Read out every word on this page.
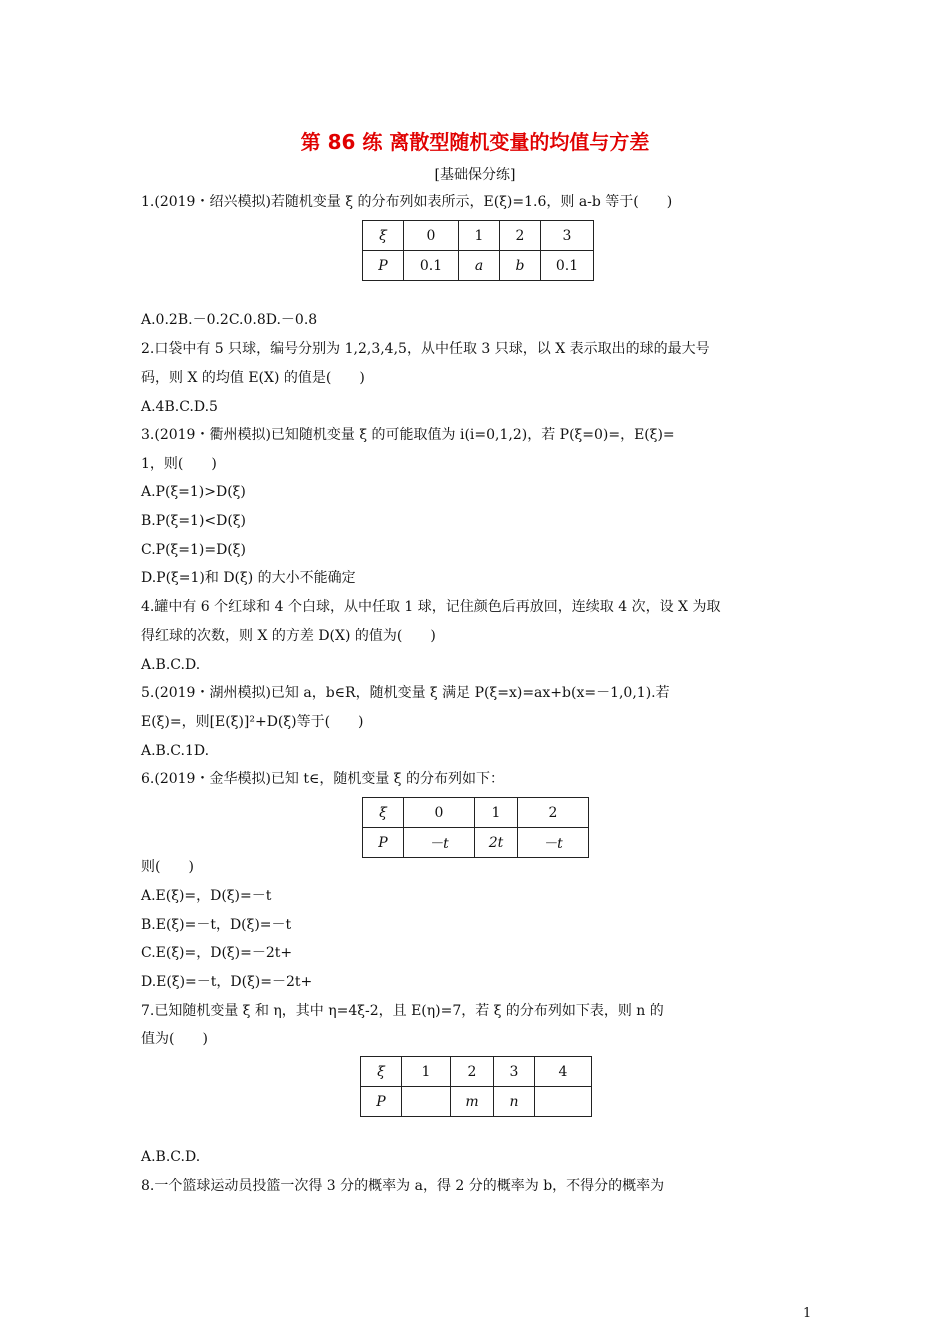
第 86 练 离散型随机变量的均值与方差
[基础保分练]
1.(2019・绍兴模拟)若随机变量 ξ 的分布列如表所示，E(ξ)=1.6，则 a-b 等于(　　)
ξ	0	1	2	3
P	0.1	a	b	0.1
A.0.2B.－0.2C.0.8D.－0.8
2.口袋中有 5 只球，编号分别为 1,2,3,4,5，从中任取 3 只球，以 X 表示取出的球的最大号
码，则 X 的均值 E(X) 的值是(　　)
A.4B.C.D.5
3.(2019・衢州模拟)已知随机变量 ξ 的可能取值为 i(i=0,1,2)，若 P(ξ=0)=，E(ξ)=
1，则(　　)
A.P(ξ=1)>D(ξ)
B.P(ξ=1)<D(ξ)
C.P(ξ=1)=D(ξ)
D.P(ξ=1)和 D(ξ) 的大小不能确定
4.罐中有 6 个红球和 4 个白球，从中任取 1 球，记住颜色后再放回，连续取 4 次，设 X 为取
得红球的次数，则 X 的方差 D(X) 的值为(　　)
A.B.C.D.
5.(2019・湖州模拟)已知 a，b∈R，随机变量 ξ 满足 P(ξ=x)=ax+b(x=－1,0,1).若
E(ξ)=，则[E(ξ)]²+D(ξ)等于(　　)
A.B.C.1D.
6.(2019・金华模拟)已知 t∈，随机变量 ξ 的分布列如下：
ξ	0	1	2
P	－t	2t	－t
则(　　)
A.E(ξ)=，D(ξ)=－t
B.E(ξ)=－t，D(ξ)=－t
C.E(ξ)=，D(ξ)=－2t+
D.E(ξ)=－t，D(ξ)=－2t+
7.已知随机变量 ξ 和 η，其中 η=4ξ-2，且 E(η)=7，若 ξ 的分布列如下表，则 n 的
值为(　　)
ξ	1	2	3	4
P		m	n	
A.B.C.D.
8.一个篮球运动员投篮一次得 3 分的概率为 a，得 2 分的概率为 b，不得分的概率为
1
